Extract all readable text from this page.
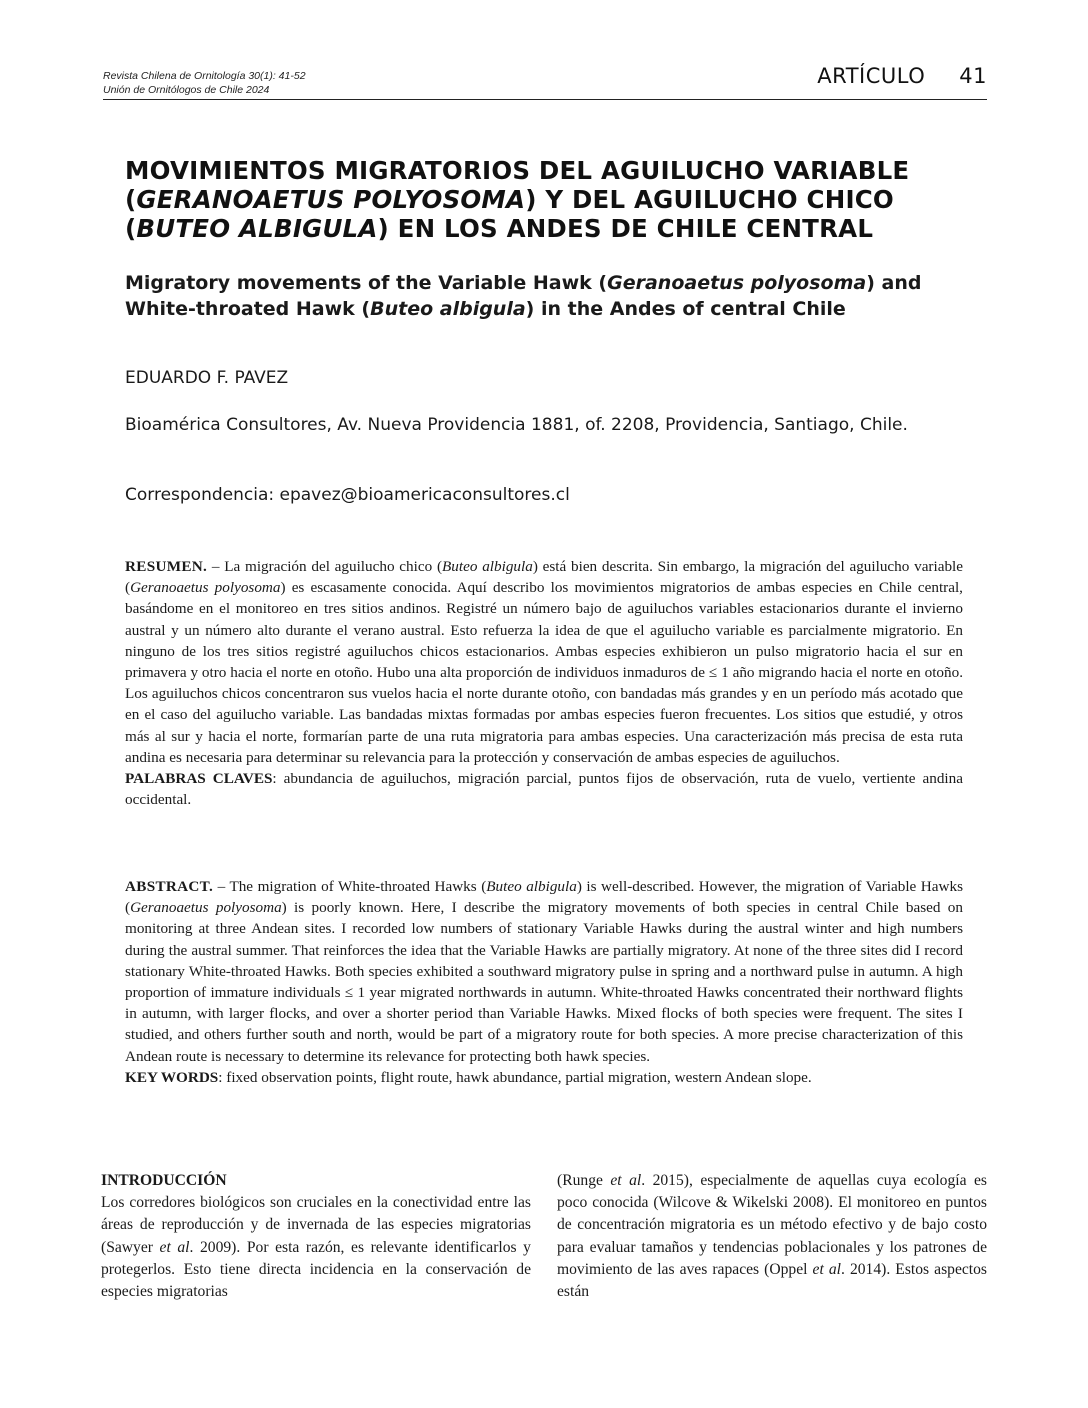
Revista Chilena de Ornitología 30(1): 41-52
Unión de Ornitólogos de Chile 2024
ARTÍCULO 41
MOVIMIENTOS MIGRATORIOS DEL AGUILUCHO VARIABLE (GERANOAETUS POLYOSOMA) Y DEL AGUILUCHO CHICO (BUTEO ALBIGULA) EN LOS ANDES DE CHILE CENTRAL
Migratory movements of the Variable Hawk (Geranoaetus polyosoma) and White-throated Hawk (Buteo albigula) in the Andes of central Chile
EDUARDO F. PAVEZ
Bioamérica Consultores, Av. Nueva Providencia 1881, of. 2208, Providencia, Santiago, Chile.
Correspondencia: epavez@bioamericaconsultores.cl

RESUMEN. – La migración del aguilucho chico (Buteo albigula) está bien descrita. Sin embargo, la migración del aguilucho variable (Geranoaetus polyosoma) es escasamente conocida. Aquí describo los movimientos migratorios de ambas especies en Chile central, basándome en el monitoreo en tres sitios andinos. Registré un número bajo de aguiluchos variables estacionarios durante el invierno austral y un número alto durante el verano austral. Esto refuerza la idea de que el aguilucho variable es parcialmente migratorio. En ninguno de los tres sitios registré aguiluchos chicos estacionarios. Ambas especies exhibieron un pulso migratorio hacia el sur en primavera y otro hacia el norte en otoño. Hubo una alta proporción de individuos inmaduros de ≤ 1 año migrando hacia el norte en otoño. Los aguiluchos chicos concentraron sus vuelos hacia el norte durante otoño, con bandadas más grandes y en un período más acotado que en el caso del aguilucho variable. Las bandadas mixtas formadas por ambas especies fueron frecuentes. Los sitios que estudié, y otros más al sur y hacia el norte, formarían parte de una ruta migratoria para ambas especies. Una caracterización más precisa de esta ruta andina es necesaria para determinar su relevancia para la protección y conservación de ambas especies de aguiluchos.

PALABRAS CLAVES: abundancia de aguiluchos, migración parcial, puntos fijos de observación, ruta de vuelo, vertiente andina occidental.

ABSTRACT. – The migration of White-throated Hawks (Buteo albigula) is well-described. However, the migration of Variable Hawks (Geranoaetus polyosoma) is poorly known. Here, I describe the migratory movements of both species in central Chile based on monitoring at three Andean sites. I recorded low numbers of stationary Variable Hawks during the austral winter and high numbers during the austral summer. That reinforces the idea that the Variable Hawks are partially migratory. At none of the three sites did I record stationary White-throated Hawks. Both species exhibited a southward migratory pulse in spring and a northward pulse in autumn. A high proportion of immature individuals ≤ 1 year migrated northwards in autumn. White-throated Hawks concentrated their northward flights in autumn, with larger flocks, and over a shorter period than Variable Hawks. Mixed flocks of both species were frequent. The sites I studied, and others further south and north, would be part of a migratory route for both species. A more precise characterization of this Andean route is necessary to determine its relevance for protecting both hawk species.

KEY WORDS: fixed observation points, flight route, hawk abundance, partial migration, western Andean slope.

INTRODUCCIÓN

Los corredores biológicos son cruciales en la conectividad entre las áreas de reproducción y de invernada de las especies migratorias (Sawyer et al. 2009). Por esta razón, es relevante identificarlos y protegerlos. Esto tiene directa incidencia en la conservación de especies migratorias

(Runge et al. 2015), especialmente de aquellas cuya ecología es poco conocida (Wilcove & Wikelski 2008). El monitoreo en puntos de concentración migratoria es un método efectivo y de bajo costo para evaluar tamaños y tendencias poblacionales y los patrones de movimiento de las aves rapaces (Oppel et al. 2014). Estos aspectos están
